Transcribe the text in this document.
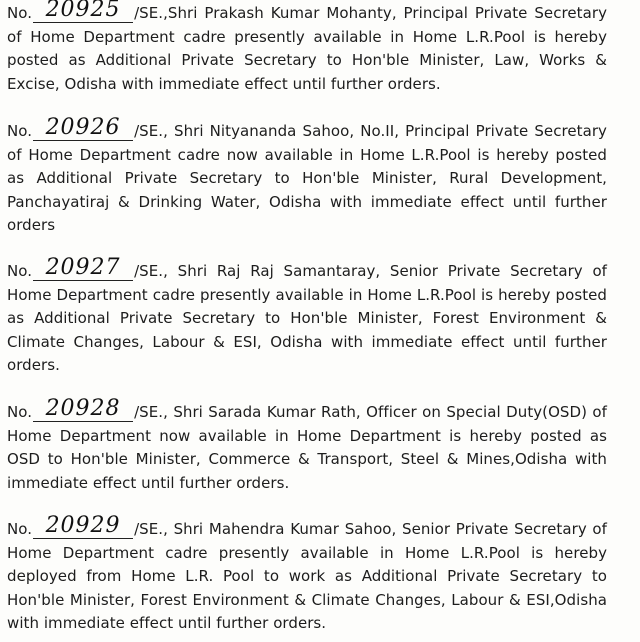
No. 20925 /SE.,Shri Prakash Kumar Mohanty, Principal Private Secretary of Home Department cadre presently available in Home L.R.Pool is hereby posted as Additional Private Secretary to Hon'ble Minister, Law, Works & Excise, Odisha with immediate effect until further orders.

No. 20926 /SE., Shri Nityananda Sahoo, No.II, Principal Private Secretary of Home Department cadre now available in Home L.R.Pool is hereby posted as Additional Private Secretary to Hon'ble Minister, Rural Development, Panchayatiraj & Drinking Water, Odisha with immediate effect until further orders

No. 20927 /SE., Shri Raj Raj Samantaray, Senior Private Secretary of Home Department cadre presently available in Home L.R.Pool is hereby posted as Additional Private Secretary to Hon'ble Minister, Forest Environment & Climate Changes, Labour & ESI, Odisha with immediate effect until further orders.

No. 20928 /SE., Shri Sarada Kumar Rath, Officer on Special Duty(OSD) of Home Department now available in Home Department is hereby posted as OSD to Hon'ble Minister, Commerce & Transport, Steel & Mines,Odisha with immediate effect until further orders.

No. 20929 /SE., Shri Mahendra Kumar Sahoo, Senior Private Secretary of Home Department cadre presently available in Home L.R.Pool is hereby deployed from Home L.R. Pool to work as Additional Private Secretary to Hon'ble Minister, Forest Environment & Climate Changes, Labour & ESI,Odisha with immediate effect until further orders.
